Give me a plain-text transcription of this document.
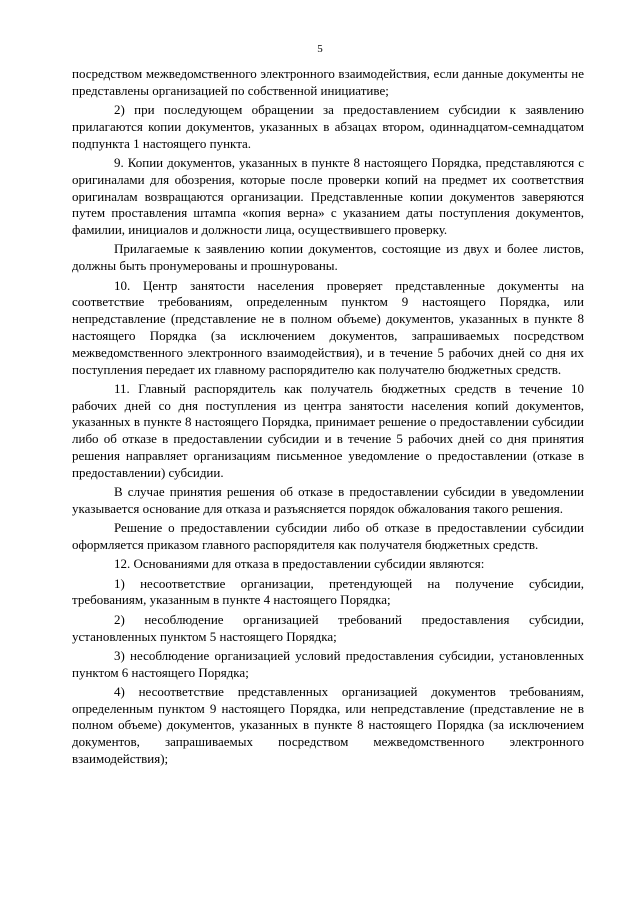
5

посредством межведомственного электронного взаимодействия, если данные документы не представлены организацией по собственной инициативе;

2) при последующем обращении за предоставлением субсидии к заявлению прилагаются копии документов, указанных в абзацах втором, одиннадцатом-семнадцатом подпункта 1 настоящего пункта.

9. Копии документов, указанных в пункте 8 настоящего Порядка, представляются с оригиналами для обозрения, которые после проверки копий на предмет их соответствия оригиналам возвращаются организации. Представленные копии документов заверяются путем проставления штампа «копия верна» с указанием даты поступления документов, фамилии, инициалов и должности лица, осуществившего проверку.

Прилагаемые к заявлению копии документов, состоящие из двух и более листов, должны быть пронумерованы и прошнурованы.

10. Центр занятости населения проверяет представленные документы на соответствие требованиям, определенным пунктом 9 настоящего Порядка, или непредставление (представление не в полном объеме) документов, указанных в пункте 8 настоящего Порядка (за исключением документов, запрашиваемых посредством межведомственного электронного взаимодействия), и в течение 5 рабочих дней со дня их поступления передает их главному распорядителю как получателю бюджетных средств.

11. Главный распорядитель как получатель бюджетных средств в течение 10 рабочих дней со дня поступления из центра занятости населения копий документов, указанных в пункте 8 настоящего Порядка, принимает решение о предоставлении субсидии либо об отказе в предоставлении субсидии и в течение 5 рабочих дней со дня принятия решения направляет организациям письменное уведомление о предоставлении (отказе в предоставлении) субсидии.

В случае принятия решения об отказе в предоставлении субсидии в уведомлении указывается основание для отказа и разъясняется порядок обжалования такого решения.

Решение о предоставлении субсидии либо об отказе в предоставлении субсидии оформляется приказом главного распорядителя как получателя бюджетных средств.

12. Основаниями для отказа в предоставлении субсидии являются:

1) несоответствие организации, претендующей на получение субсидии, требованиям, указанным в пункте 4 настоящего Порядка;

2) несоблюдение организацией требований предоставления субсидии, установленных пунктом 5 настоящего Порядка;

3) несоблюдение организацией условий предоставления субсидии, установленных пунктом 6 настоящего Порядка;

4) несоответствие представленных организацией документов требованиям, определенным пунктом 9 настоящего Порядка, или непредставление (представление не в полном объеме) документов, указанных в пункте 8 настоящего Порядка (за исключением документов, запрашиваемых посредством межведомственного электронного взаимодействия);
